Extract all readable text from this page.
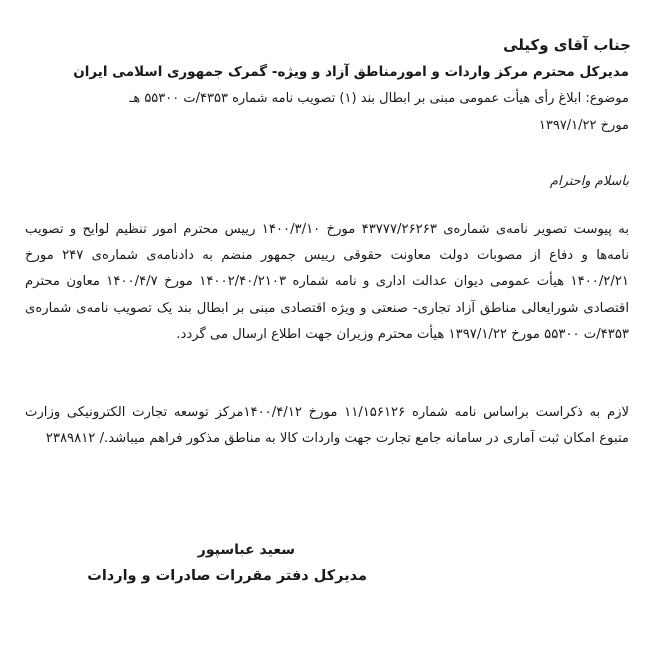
جناب آقای وکیلی
مدیرکل محترم مرکز واردات و امورمناطق آزاد و ویژه- گمرک جمهوری اسلامی ایران
موضوع: ابلاغ رأی هیأت عمومی مبنی بر ابطال بند (۱) تصویب نامه شماره ۴۳۵۳/ت ۵۵۳۰۰ هـ
مورخ ۱۳۹۷/۱/۲۲
باسلام واحترام
به پیوست تصویر نامه‌ی شماره‌ی ۴۳۷۷۷/۲۶۲۶۳ مورخ ۱۴۰۰/۳/۱۰ رییس محترم امور تنظیم لوایح و تصویب نامه‌ها و دفاع از مصوبات دولت معاونت حقوقی رییس جمهور منضم به دادنامه‌ی شماره‌ی ۲۴۷ مورخ ۱۴۰۰/۲/۲۱ هیأت عمومی دیوان عدالت اداری و نامه شماره ۱۴۰۰۲/۴۰/۲۱۰۳ مورخ ۱۴۰۰/۴/۷ معاون محترم اقتصادی شورایعالی مناطق آزاد تجاری- صنعتی و ویژه اقتصادی مبنی بر ابطال بند یک تصویب نامه‌ی شماره‌ی ۴۳۵۳/ت ۵۵۳۰۰ مورخ ۱۳۹۷/۱/۲۲ هیأت محترم وزیران جهت اطلاع ارسال می گردد.
لازم به ذکراست براساس نامه شماره ۱۱/۱۵۶۱۲۶ مورخ ۱۴۰۰/۴/۱۲مرکز توسعه تجارت الکترونیکی وزارت متبوع امکان ثبت آماری در سامانه جامع تجارت جهت واردات کالا به مناطق مذکور فراهم میباشد./ ۲۳۸۹۸۱۲
سعید عباسپور
مدیرکل دفتر مقررات صادرات و واردات
